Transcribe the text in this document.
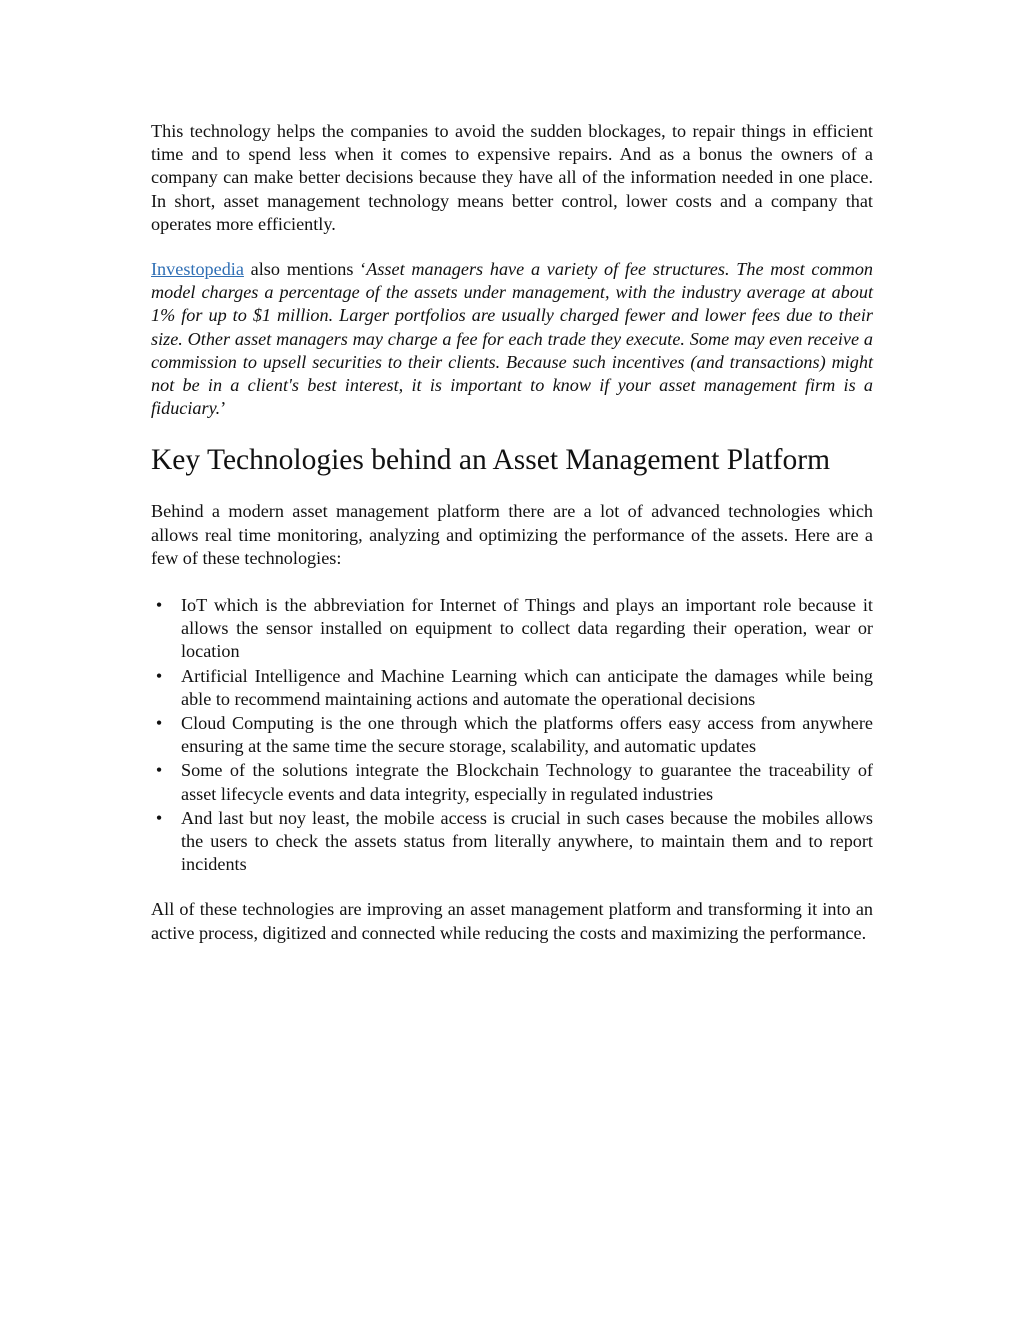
This technology helps the companies to avoid the sudden blockages, to repair things in efficient time and to spend less when it comes to expensive repairs. And as a bonus the owners of a company can make better decisions because they have all of the information needed in one place. In short, asset management technology means better control, lower costs and a company that operates more efficiently.

Investopedia also mentions ‘Asset managers have a variety of fee structures. The most common model charges a percentage of the assets under management, with the industry average at about 1% for up to $1 million. Larger portfolios are usually charged fewer and lower fees due to their size. Other asset managers may charge a fee for each trade they execute. Some may even receive a commission to upsell securities to their clients. Because such incentives (and transactions) might not be in a client's best interest, it is important to know if your asset management firm is a fiduciary.’

Key Technologies behind an Asset Management Platform

Behind a modern asset management platform there are a lot of advanced technologies which allows real time monitoring, analyzing and optimizing the performance of the assets. Here are a few of these technologies:

• IoT which is the abbreviation for Internet of Things and plays an important role because it allows the sensor installed on equipment to collect data regarding their operation, wear or location
• Artificial Intelligence and Machine Learning which can anticipate the damages while being able to recommend maintaining actions and automate the operational decisions
• Cloud Computing is the one through which the platforms offers easy access from anywhere ensuring at the same time the secure storage, scalability, and automatic updates
• Some of the solutions integrate the Blockchain Technology to guarantee the traceability of asset lifecycle events and data integrity, especially in regulated industries
• And last but noy least, the mobile access is crucial in such cases because the mobiles allows the users to check the assets status from literally anywhere, to maintain them and to report incidents

All of these technologies are improving an asset management platform and transforming it into an active process, digitized and connected while reducing the costs and maximizing the performance.
